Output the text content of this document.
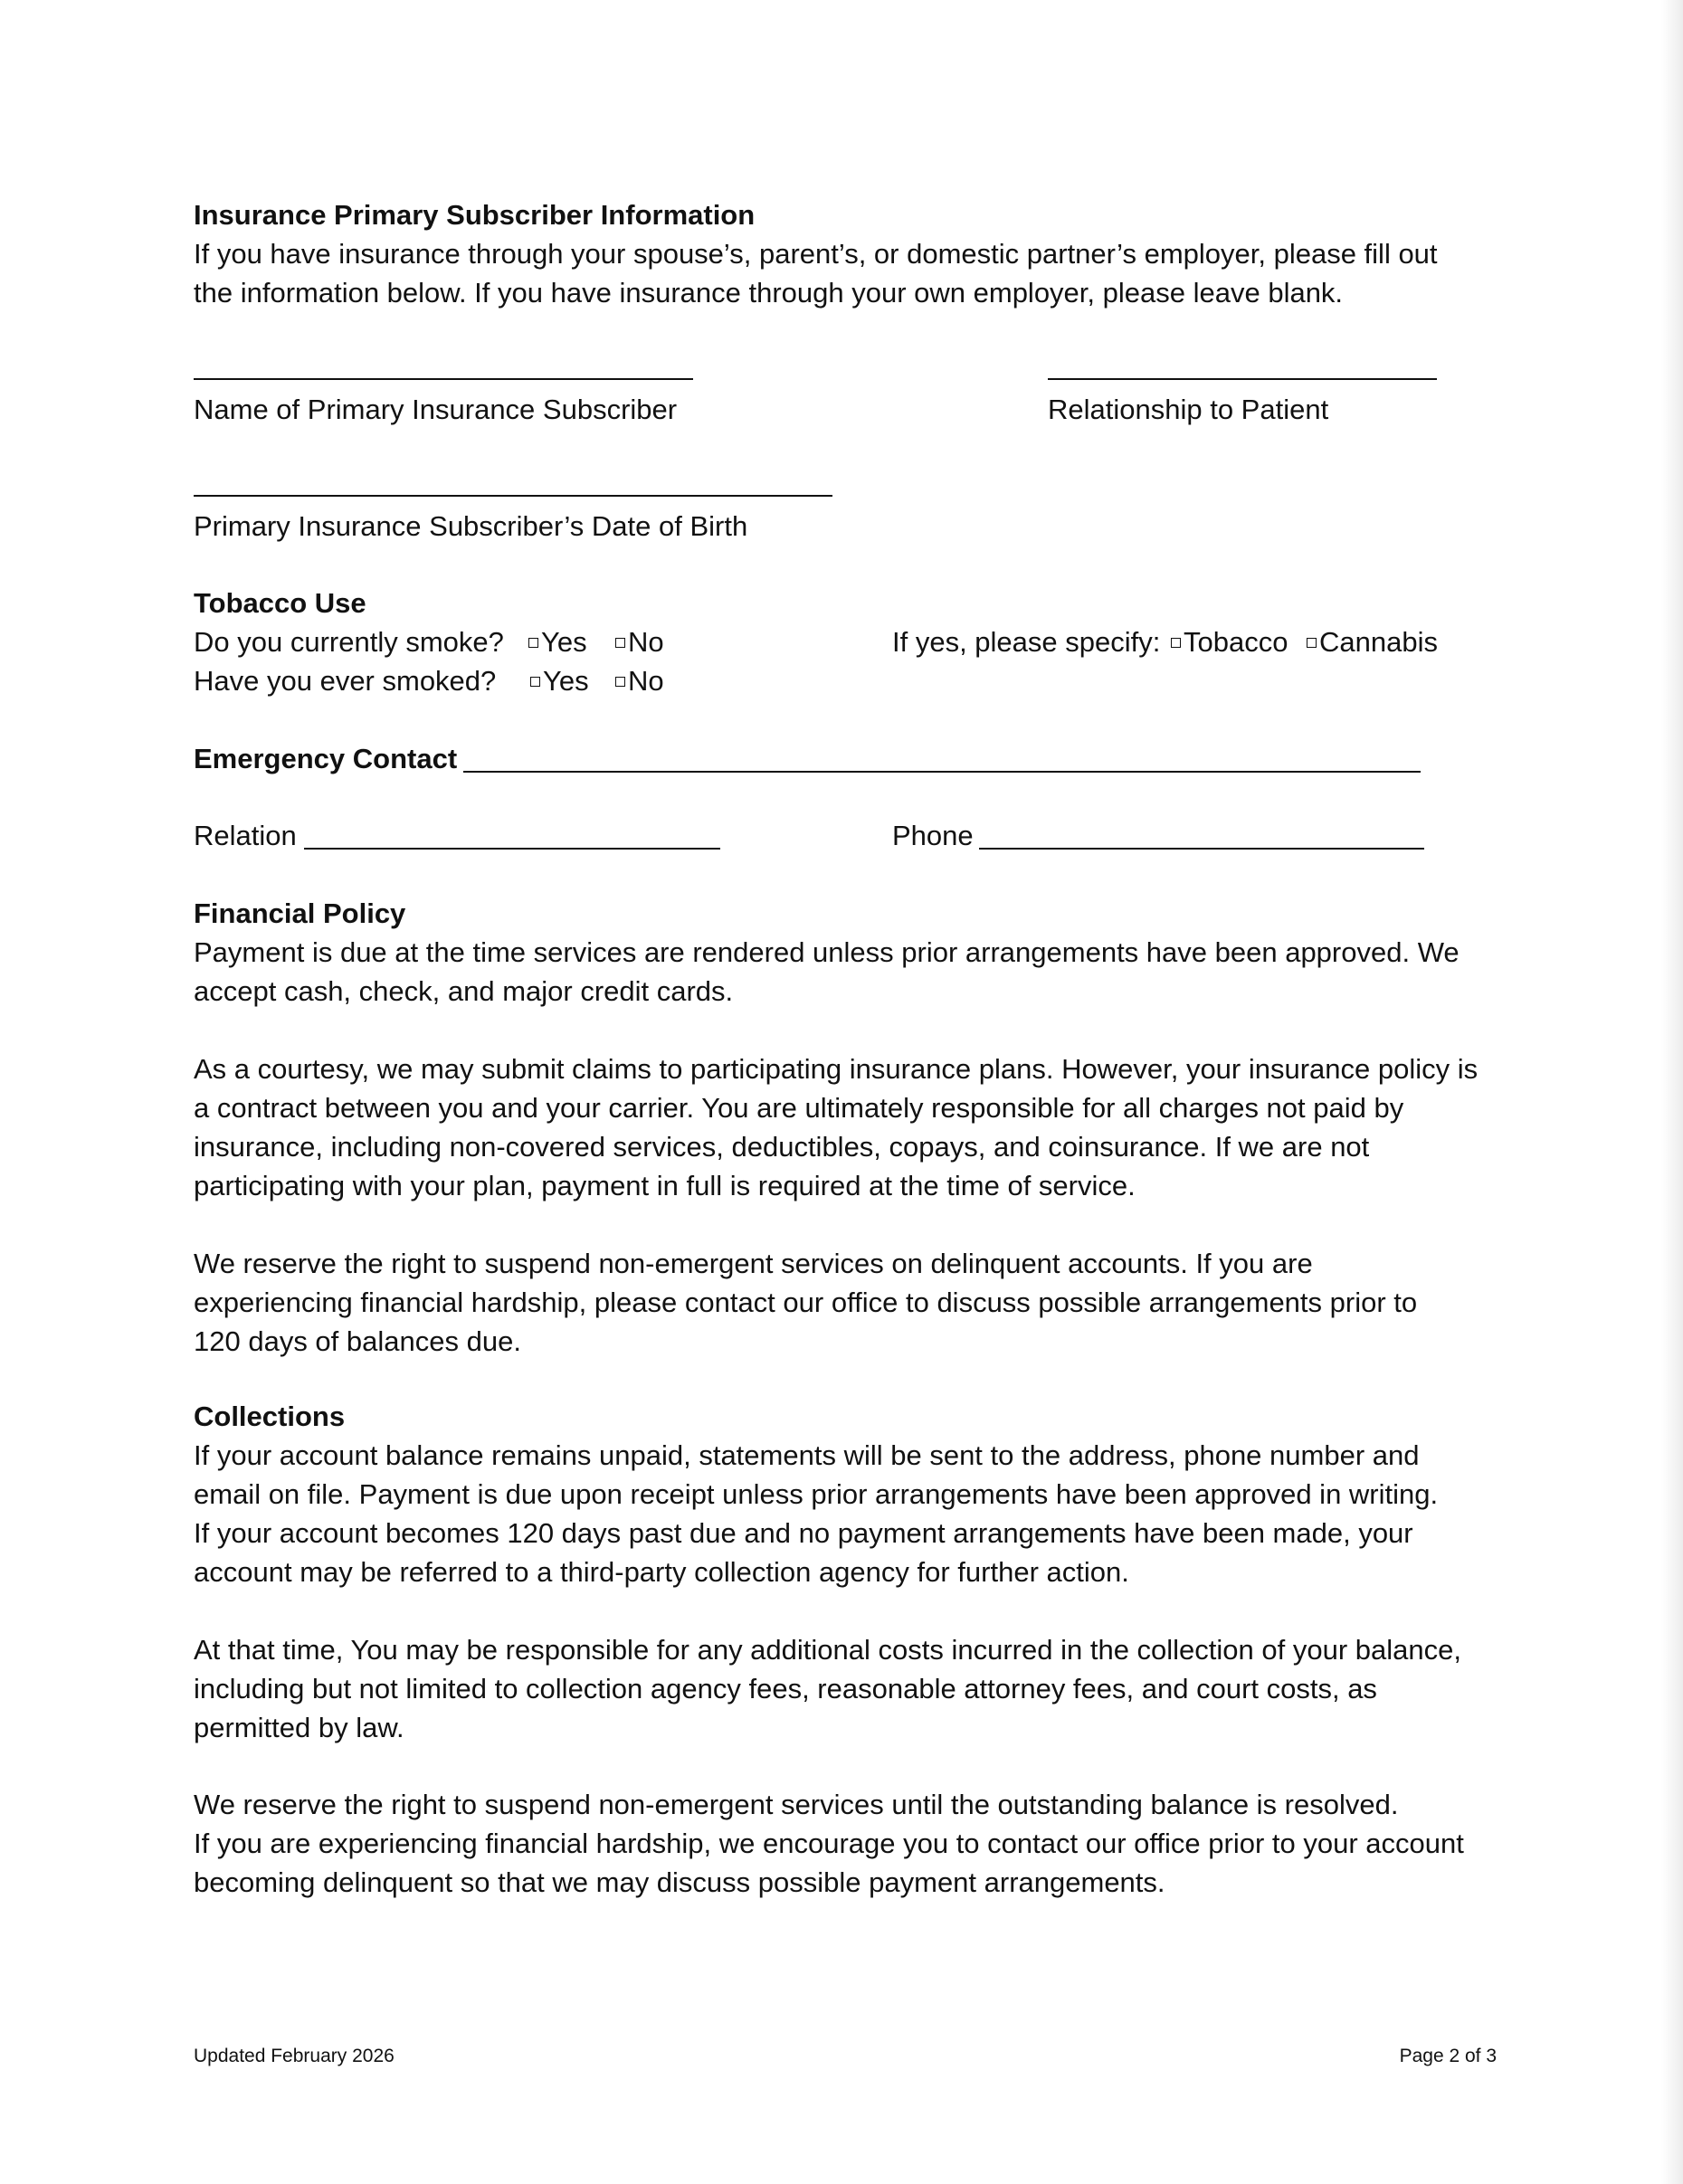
Insurance Primary Subscriber Information
If you have insurance through your spouse’s, parent’s, or domestic partner’s employer, please fill out
the information below. If you have insurance through your own employer, please leave blank.
Name of Primary Insurance Subscriber	Relationship to Patient
Primary Insurance Subscriber’s Date of Birth
Tobacco Use
Do you currently smoke?	Yes	No	If yes, please specify: Tobacco	Cannabis
Have you ever smoked?	Yes	No
Emergency Contact
Relation	Phone
Financial Policy
Payment is due at the time services are rendered unless prior arrangements have been approved. We
accept cash, check, and major credit cards.
As a courtesy, we may submit claims to participating insurance plans. However, your insurance policy is
a contract between you and your carrier. You are ultimately responsible for all charges not paid by
insurance, including non-covered services, deductibles, copays, and coinsurance. If we are not
participating with your plan, payment in full is required at the time of service.
We reserve the right to suspend non-emergent services on delinquent accounts. If you are
experiencing financial hardship, please contact our office to discuss possible arrangements prior to
120 days of balances due.
Collections
If your account balance remains unpaid, statements will be sent to the address, phone number and
email on file. Payment is due upon receipt unless prior arrangements have been approved in writing.
If your account becomes 120 days past due and no payment arrangements have been made, your
account may be referred to a third-party collection agency for further action.
At that time, You may be responsible for any additional costs incurred in the collection of your balance,
including but not limited to collection agency fees, reasonable attorney fees, and court costs, as
permitted by law.
We reserve the right to suspend non-emergent services until the outstanding balance is resolved.
If you are experiencing financial hardship, we encourage you to contact our office prior to your account
becoming delinquent so that we may discuss possible payment arrangements.
Updated February 2026	Page 2 of 3
